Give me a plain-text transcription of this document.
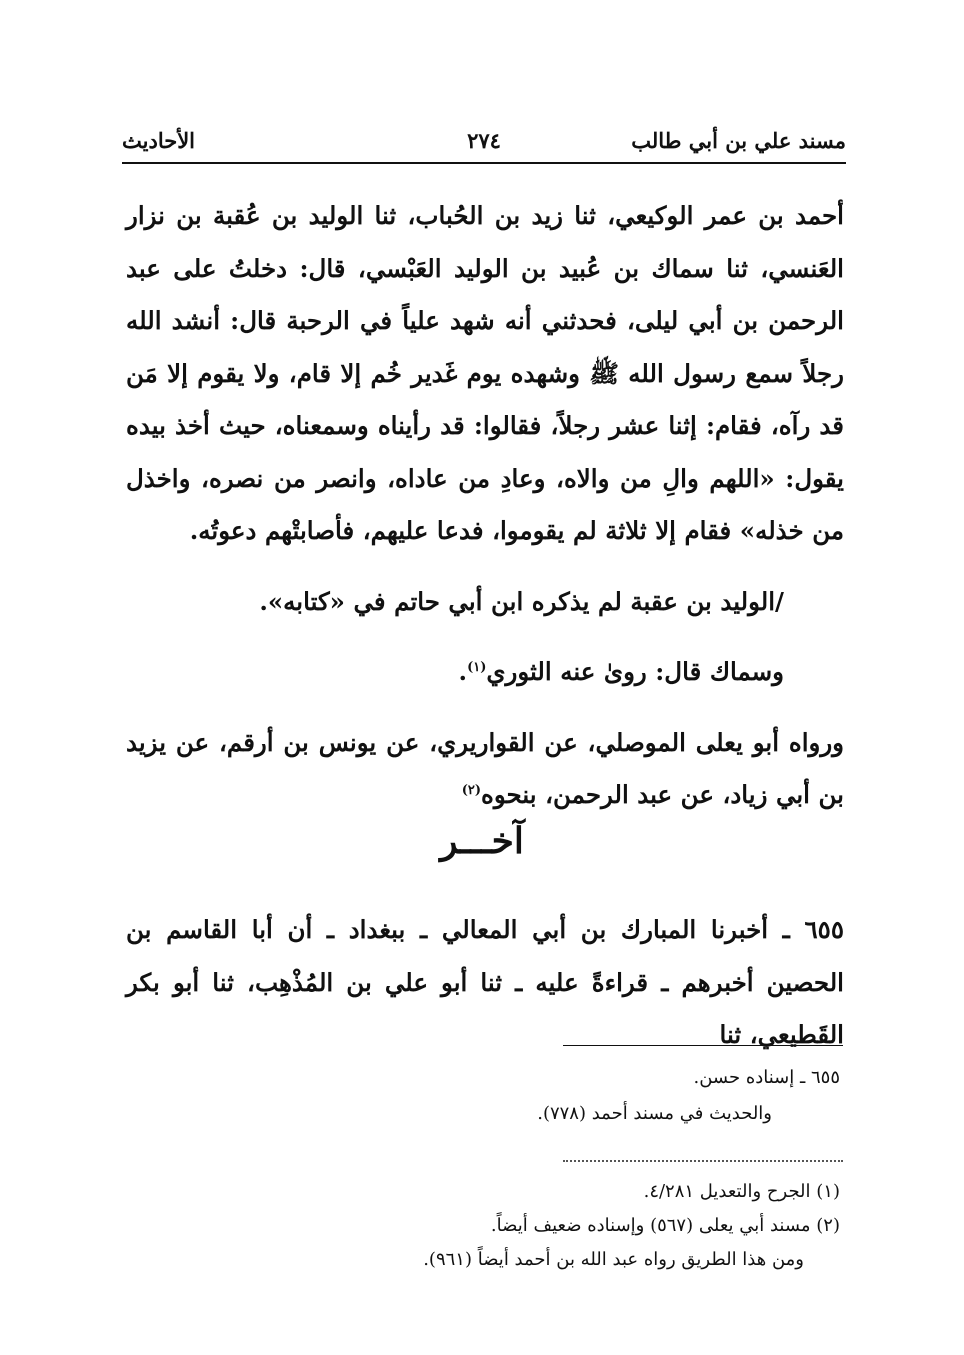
مسند علي بن أبي طالب
٢٧٤
الأحاديث

أحمد بن عمر الوكيعي، ثنا زيد بن الحُباب، ثنا الوليد بن عُقبة بن نزار العَنسي، ثنا سماك بن عُبيد بن الوليد العَبْسي، قال: دخلتُ على عبد الرحمن بن أبي ليلى، فحدثني أنه شهد علياً في الرحبة قال: أنشد الله رجلاً سمع رسول الله ﷺ وشهده يوم غَدير خُم إلا قام، ولا يقوم إلا مَن قد رآه، فقام: إثنا عشر رجلاً، فقالوا: قد رأيناه وسمعناه، حيث أخذ بيده يقول: «اللهم والِ من والاه، وعادِ من عاداه، وانصر من نصره، واخذل من خذله» فقام إلا ثلاثة لم يقوموا، فدعا عليهم، فأصابتْهم دعوتُه.

/الوليد بن عقبة لم يذكره ابن أبي حاتم في «كتابه».

وسماك قال: روىٰ عنه الثوري$^{(١)}$.

ورواه أبو يعلى الموصلي، عن القواريري، عن يونس بن أرقم، عن يزيد بن أبي زياد، عن عبد الرحمن، بنحوه$^{(٢)}$

آخـــر

٦٥٥ ـ أخبرنا المبارك بن أبي المعالي ـ ببغداد ـ أن أبا القاسم بن الحصين أخبرهم ـ قراءةً عليه ـ ثنا أبو علي بن المُذْهِب، ثنا أبو بكر القَطيعي، ثنا

٦٥٥ ـ إسناده حسن.

والحديث في مسند أحمد (٧٧٨).

(١) الجرح والتعديل ٤/٢٨١.

(٢) مسند أبي يعلى (٥٦٧) وإسناده ضعيف أيضاً.

ومن هذا الطريق رواه عبد الله بن أحمد أيضاً (٩٦١).
